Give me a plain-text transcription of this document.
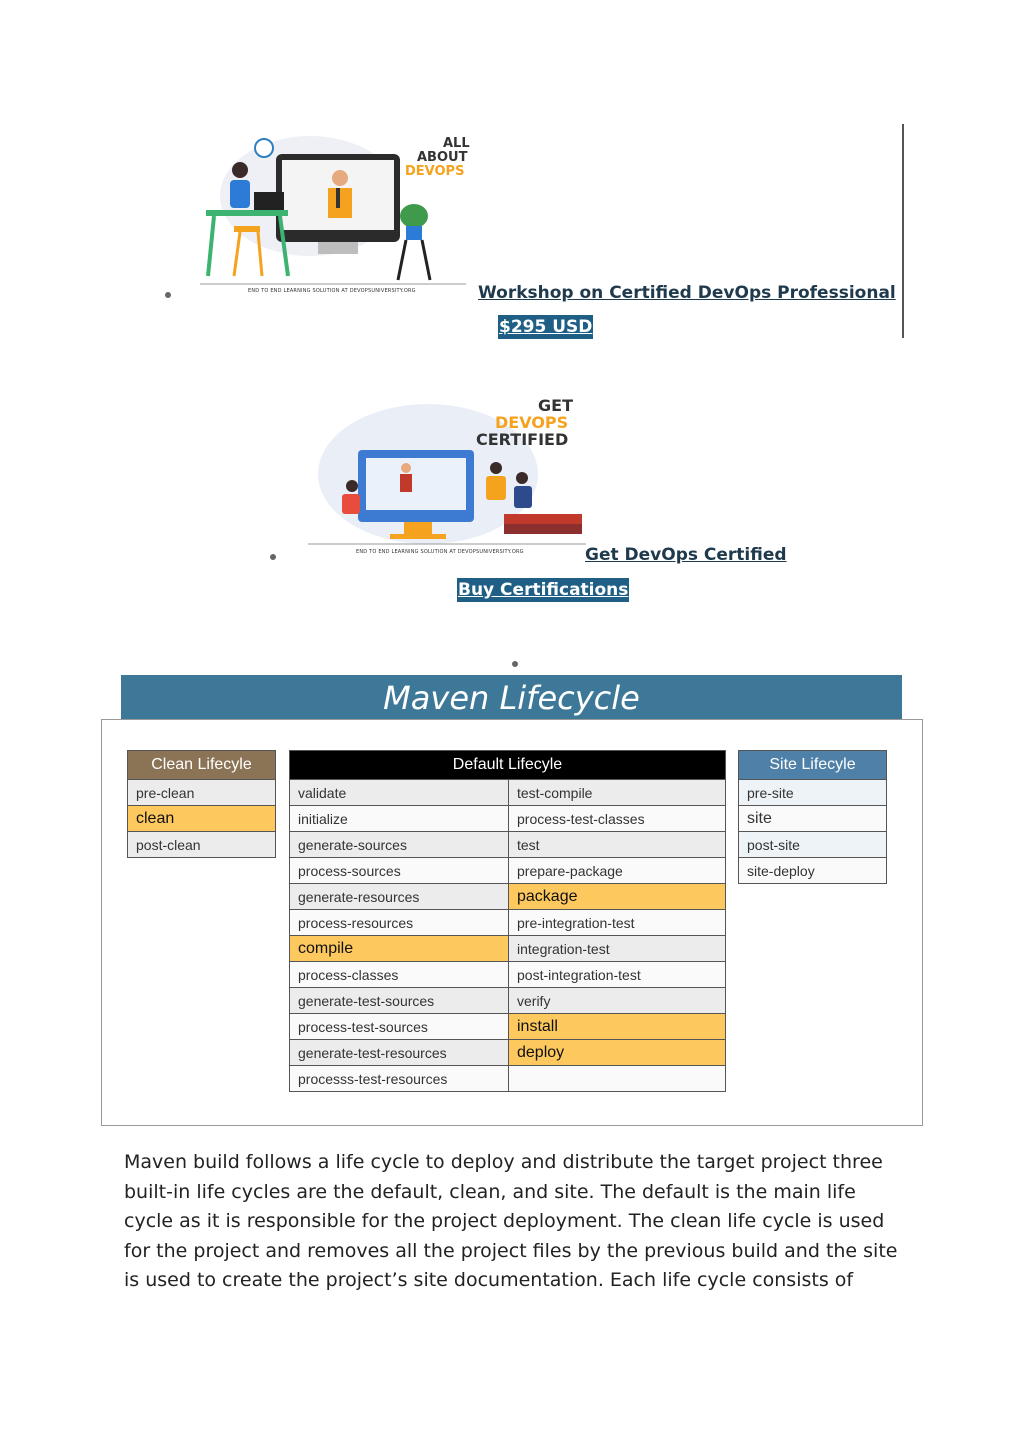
ALL
ABOUT
DEVOPS
END TO END LEARNING SOLUTION AT DEVOPSUNIVERSITY.ORG	Workshop on Certified DevOps Professional
$295 USD
GET
DEVOPS
CERTIFIED
END TO END LEARNING SOLUTION AT DEVOPSUNIVERSITY.ORG	Get DevOps Certified
Buy Certifications
Maven Lifecycle
Clean Lifecyle
pre-clean
clean
post-clean
Default Lifecyle	
validate	test-compile
initialize	process-test-classes
generate-sources	test
process-sources	prepare-package
generate-resources	package
process-resources	pre-integration-test
compile	integration-test
process-classes	post-integration-test
generate-test-sources	verify
process-test-sources	install
generate-test-resources	deploy
processs-test-resources	
Site Lifecyle
pre-site
site
post-site
site-deploy
Maven build follows a life cycle to deploy and distribute the target project three built-in life cycles are the default, clean, and site. The default is the main life cycle as it is responsible for the project deployment. The clean life cycle is used for the project and removes all the project files by the previous build and the site is used to create the project’s site documentation. Each life cycle consists of
